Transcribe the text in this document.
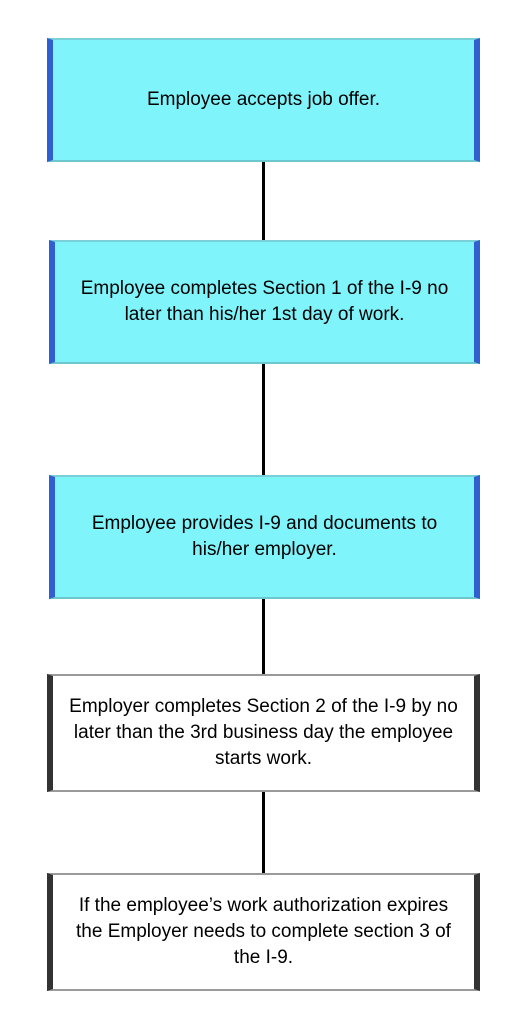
Employee accepts job offer.
Employee completes Section 1 of the I-9 no later than his/her 1st day of work.
Employee provides I-9 and documents to his/her employer.
Employer completes Section 2 of the I-9 by no later than the 3rd business day the employee starts work.
If the employee’s work authorization expires the Employer needs to complete section 3 of the I-9.
